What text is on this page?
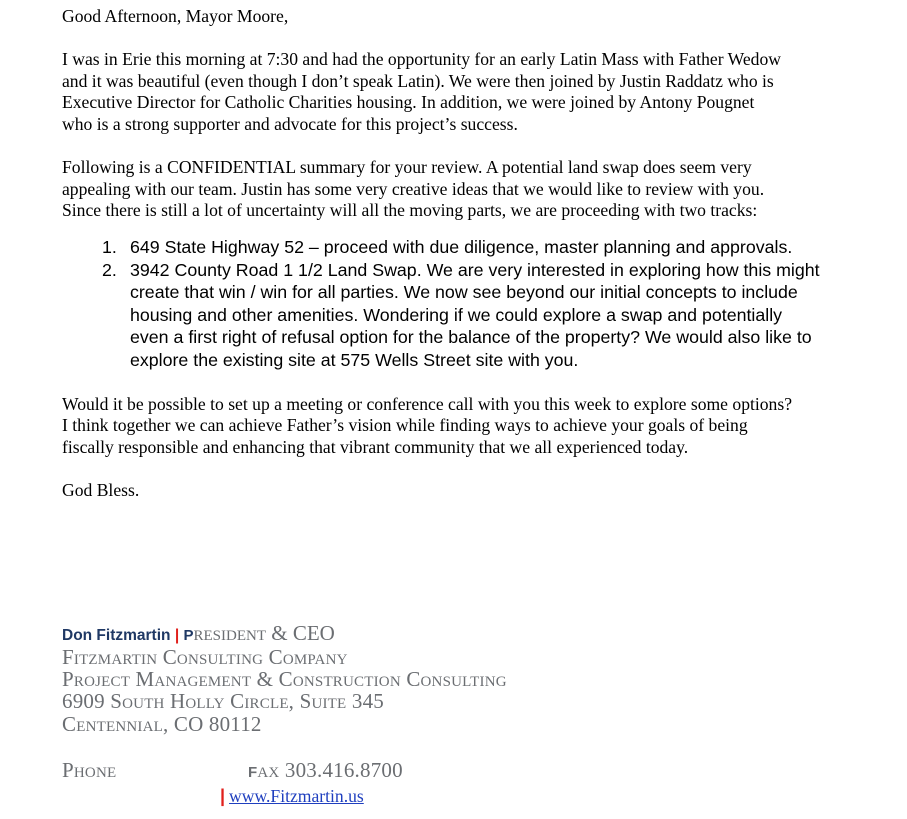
Good Afternoon, Mayor Moore,

I was in Erie this morning at 7:30 and had the opportunity for an early Latin Mass with Father Wedow and it was beautiful (even though I don’t speak Latin). We were then joined by Justin Raddatz who is Executive Director for Catholic Charities housing. In addition, we were joined by Antony Pougnet who is a strong supporter and advocate for this project’s success.

Following is a CONFIDENTIAL summary for your review. A potential land swap does seem very appealing with our team. Justin has some very creative ideas that we would like to review with you. Since there is still a lot of uncertainty will all the moving parts, we are proceeding with two tracks:

1. 649 State Highway 52 – proceed with due diligence, master planning and approvals.
2. 3942 County Road 1 1/2 Land Swap. We are very interested in exploring how this might create that win / win for all parties. We now see beyond our initial concepts to include housing and other amenities. Wondering if we could explore a swap and potentially even a first right of refusal option for the balance of the property? We would also like to explore the existing site at 575 Wells Street site with you.

Would it be possible to set up a meeting or conference call with you this week to explore some options? I think together we can achieve Father’s vision while finding ways to achieve your goals of being fiscally responsible and enhancing that vibrant community that we all experienced today.

God Bless.

Don Fitzmartin | President & CEO
Fitzmartin Consulting Company
Project Management & Construction Consulting
6909 South Holly Circle, Suite 345
Centennial, CO 80112
Phone	Fax 303.416.8700
| www.Fitzmartin.us
